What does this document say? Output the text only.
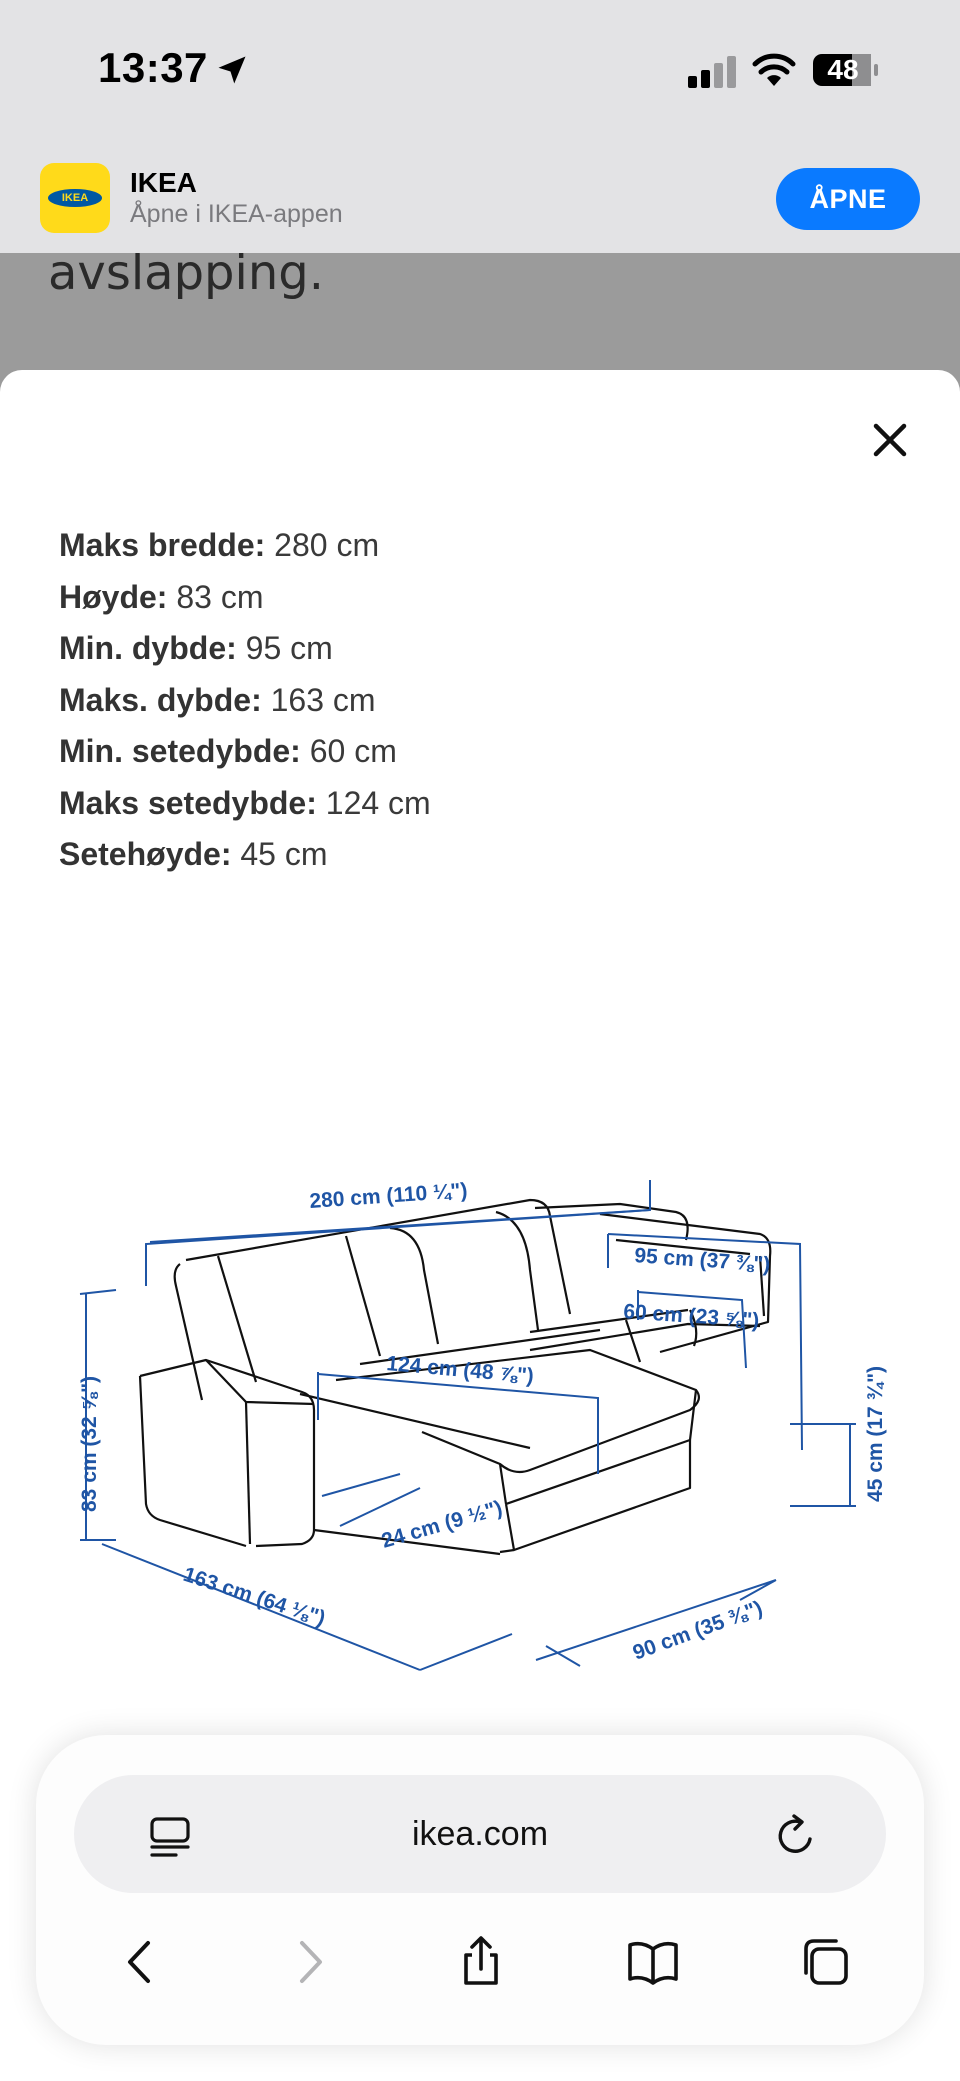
13:37	48
IKEA	IKEA
Åpne i IKEA-appen	ÅPNE
avslapping.
Maks bredde: 280 cm
Høyde: 83 cm
Min. dybde: 95 cm
Maks. dybde: 163 cm
Min. setedybde: 60 cm
Maks setedybde: 124 cm
Setehøyde: 45 cm
280 cm (110 ¼")
95 cm (37 ⅜")
60 cm (23 ⅝")
124 cm (48 ⅞")
83 cm (32 ⅝")	45 cm (17 ¾")
24 cm (9 ½")
163 cm (64 ⅛")	90 cm (35 ⅜")
ikea.com
